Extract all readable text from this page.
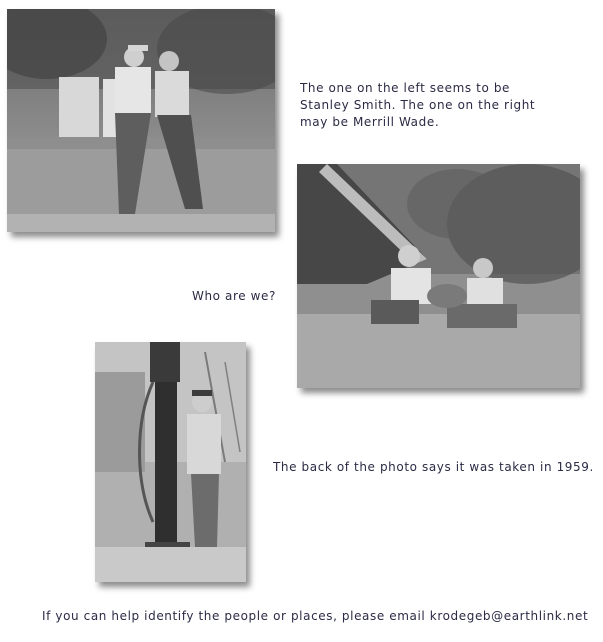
The one on the left seems to be
Stanley Smith. The one on the right
may be Merrill Wade.

Who are we?

The back of the photo says it was taken in 1959.

If you can help identify the people or places, please email krodegeb@earthlink.net
